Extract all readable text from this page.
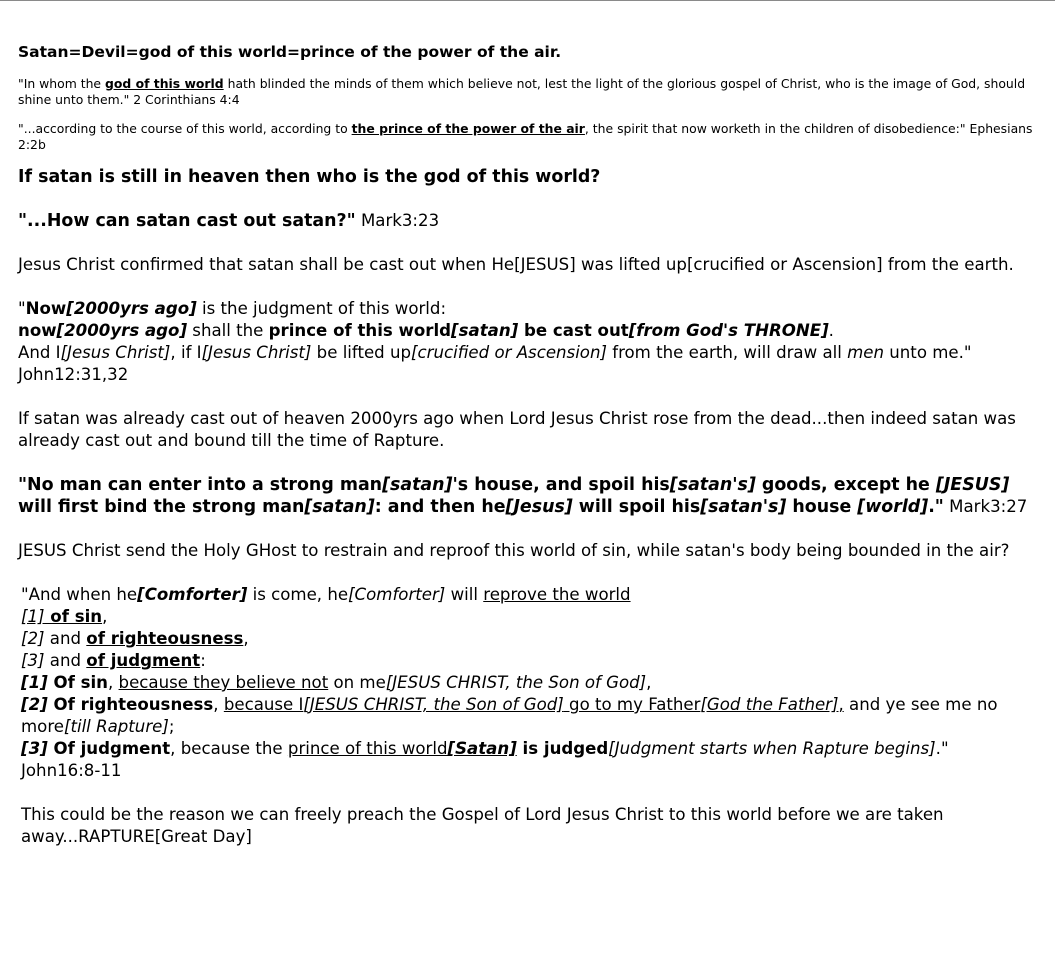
Satan=Devil=god of this world=prince of the power of the air.
"In whom the god of this world hath blinded the minds of them which believe not, lest the light of the glorious gospel of Christ, who is the image of God, should shine unto them." 2 Corinthians 4:4
"...according to the course of this world, according to the prince of the power of the air, the spirit that now worketh in the children of disobedience:" Ephesians 2:2b
If satan is still in heaven then who is the god of this world?
"...How can satan cast out satan?" Mark3:23
Jesus Christ confirmed that satan shall be cast out when He[JESUS] was lifted up[crucified or Ascension] from the earth.
"Now[2000yrs ago] is the judgment of this world:
now[2000yrs ago] shall the prince of this world[satan] be cast out[from God's THRONE].
And I[Jesus Christ], if I[Jesus Christ] be lifted up[crucified or Ascension] from the earth, will draw all men unto me." John12:31,32
If satan was already cast out of heaven 2000yrs ago when Lord Jesus Christ rose from the dead...then indeed satan was already cast out and bound till the time of Rapture.
"No man can enter into a strong man[satan]'s house, and spoil his[satan's] goods, except he [JESUS] will first bind the strong man[satan]: and then he[Jesus] will spoil his[satan's] house [world]." Mark3:27
JESUS Christ send the Holy GHost to restrain and reproof this world of sin, while satan's body being bounded in the air?
"And when he[Comforter] is come, he[Comforter] will reprove the world
[1] of sin,
[2] and of righteousness,
[3] and of judgment:
[1] Of sin, because they believe not on me[JESUS CHRIST, the Son of God],
[2] Of righteousness, because I[JESUS CHRIST, the Son of God] go to my Father[God the Father], and ye see me no more[till Rapture];
[3] Of judgment, because the prince of this world[Satan] is judged[Judgment starts when Rapture begins]."
John16:8-11
This could be the reason we can freely preach the Gospel of Lord Jesus Christ to this world before we are taken away...RAPTURE[Great Day]
